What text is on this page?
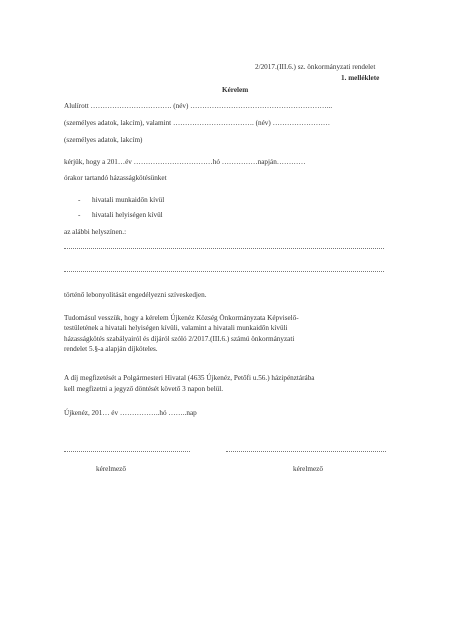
2/2017.(III.6.) sz. önkormányzati rendelet
1. melléklete
Kérelem
Alulírott ……………………………. (név) …………………………………………………...
(személyes adatok, lakcím), valamint ……………………………. (név) ……………………
(személyes adatok, lakcím)
kérjük, hogy a 201…év ……………………………hó ……………napján…………
órakor tartandó házasságkötésünket
- hivatali munkaidőn kívül
- hivatali helyiségen kívül
az alábbi helyszínen.:
történő lebonyolítását engedélyezni szíveskedjen.
Tudomásul vesszük, hogy a kérelem Újkenéz Község Önkormányzata Képviselő-
testületének a hivatali helyiségen kívüli, valamint a hivatali munkaidőn kívüli
házasságkötés szabályairól és díjáról szóló 2/2017.(III.6.) számú önkormányzati
rendelet 5.§-a alapján díjköteles.
A díj megfizetését a Polgármesteri Hivatal (4635 Újkenéz, Petőfi u.56.) házipénztárába
kell megfizetni a jegyző döntését követő 3 napon belül.
Újkenéz, 201… év ……………..hó ……..nap
kérelmező	kérelmező
